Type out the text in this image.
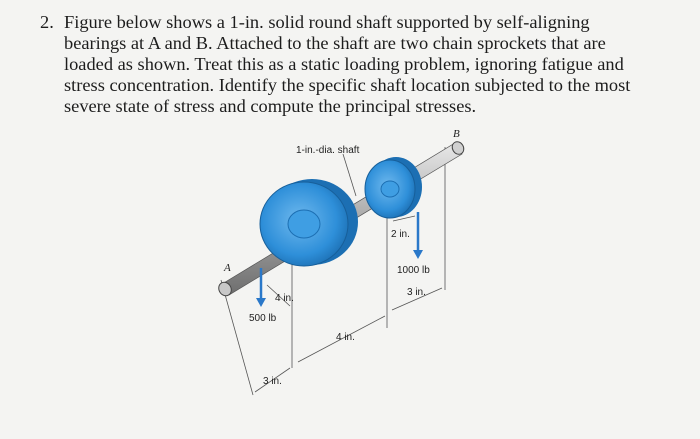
2. Figure below shows a 1-in. solid round shaft supported by self-aligning
bearings at A and B. Attached to the shaft are two chain sprockets that are
loaded as shown. Treat this as a static loading problem, ignoring fatigue and
stress concentration. Identify the specific shaft location subjected to the most
severe state of stress and compute the principal stresses.
1-in.-dia. shaft
B
A
4 in.
500 lb
3 in.
4 in.
2 in.
1000 lb
3 in.
